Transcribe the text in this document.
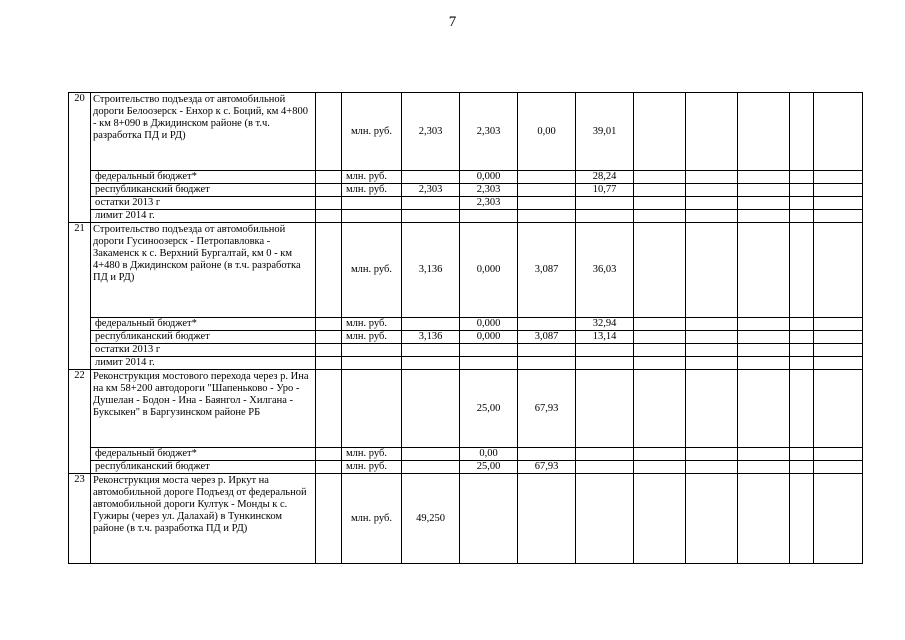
7
20	Строительство подъезда от автомобильной дороги Белоозерск - Енхор к с. Боций, км 4+800 - км 8+090 в Джидинском районе (в т.ч. разработка ПД и РД)		млн. руб.	2,303	2,303	0,00	39,01					
	федеральный бюджет*		млн. руб.		0,000		28,24					
	республиканский бюджет		млн. руб.	2,303	2,303		10,77					
	остатки 2013 г				2,303							
	лимит 2014 г.											
21	Строительство подъезда от автомобильной дороги Гусиноозерск - Петропавловка - Закаменск к с. Верхний Бургалтай, км 0 - км 4+480 в Джидинском районе (в т.ч. разработка ПД и РД)		млн. руб.	3,136	0,000	3,087	36,03					
	федеральный бюджет*		млн. руб.		0,000		32,94					
	республиканский бюджет		млн. руб.	3,136	0,000	3,087	13,14					
	остатки 2013 г											
	лимит 2014 г.											
22	Реконструкция мостового перехода через р. Ина на км 58+200 автодороги "Шапеньково - Уро - Душелан - Бодон - Ина - Баянгол - Хилгана - Буксыкен" в Баргузинском районе РБ				25,00	67,93						
	федеральный бюджет*		млн. руб.		0,00							
	республиканский бюджет		млн. руб.		25,00	67,93						
23	Реконструкция моста через р. Иркут на автомобильной дороге Подъезд от федеральной автомобильной дороги Култук - Монды к с. Гужиры (через ул. Далахай) в Тункинском районе (в т.ч. разработка ПД и РД)		млн. руб.	49,250								
